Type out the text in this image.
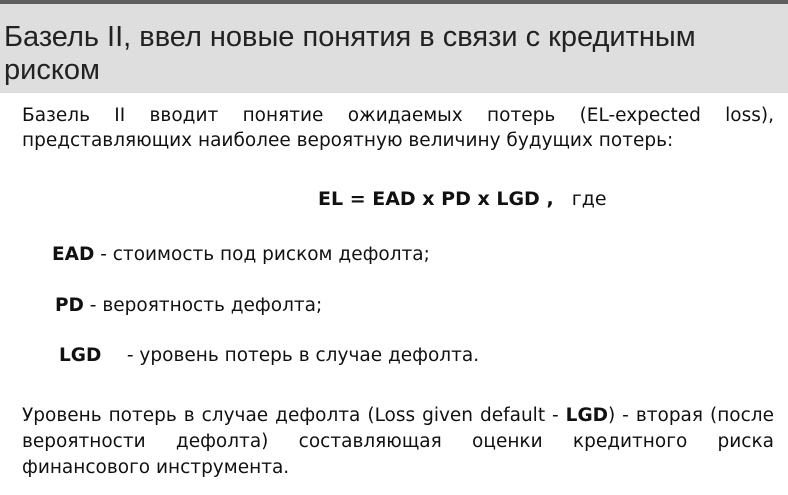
Базель II, ввел новые понятия в связи с кредитным риском

Базель II вводит понятие ожидаемых потерь (EL-expected loss),
представляющих наиболее вероятную величину будущих потерь:

EL = EAD x PD x LGD , где

EAD - стоимость под риском дефолта;

PD - вероятность дефолта;

LGD - уровень потерь в случае дефолта.

Уровень потерь в случае дефолта (Loss given default - LGD) - вторая (после
вероятности дефолта) составляющая оценки кредитного риска
финансового инструмента.
